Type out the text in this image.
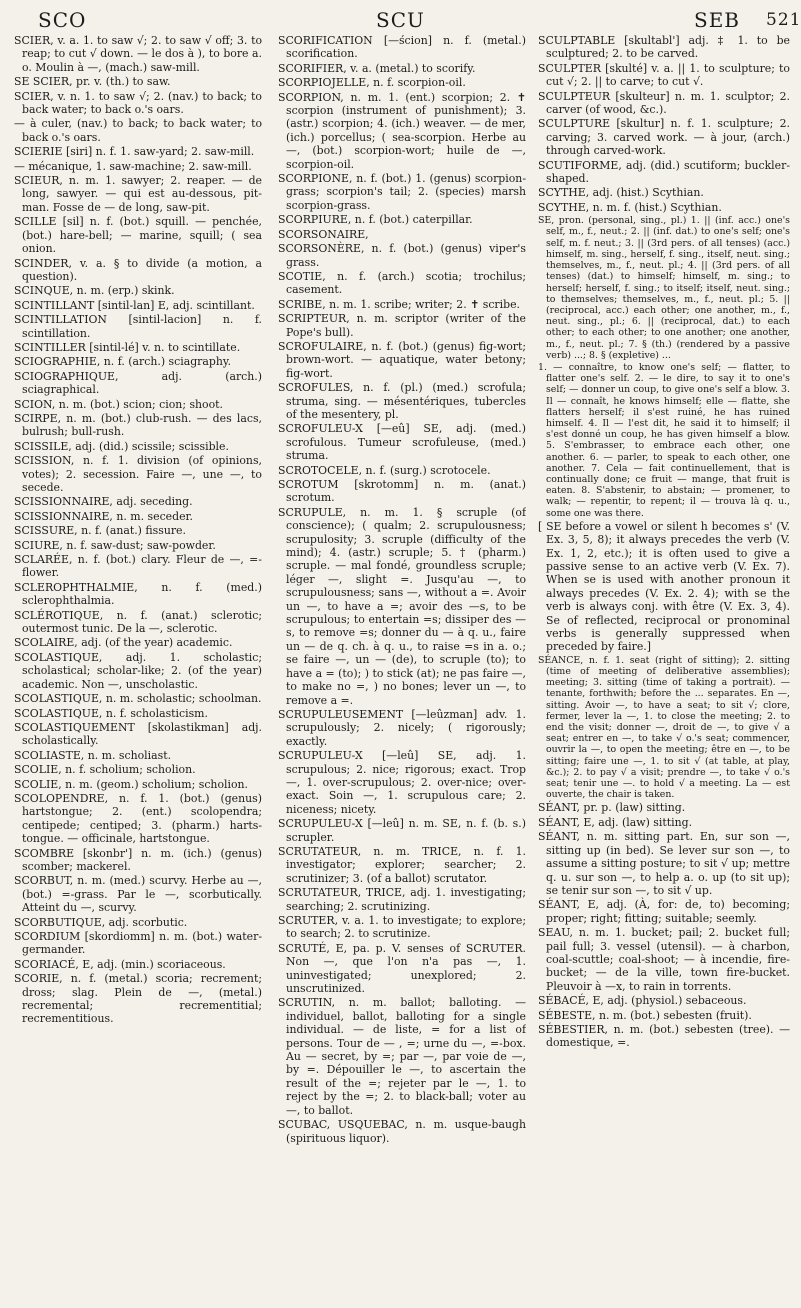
SCO	SCU	SEB 521

SCIER, v. a. 1. to saw √; 2. to saw √ off; 3. to reap; to cut √ down. — le dos à ), to bore a. o. Moulin à —, (mach.) saw-mill.

SE SCIER, pr. v. (th.) to saw.

SCIER, v. n. 1. to saw √; 2. (nav.) to back; to back water; to back o.'s oars.

— à culer, (nav.) to back; to back water; to back o.'s oars.

SCIERIE [siri] n. f. 1. saw-yard; 2. saw-mill.

— mécanique, 1. saw-machine; 2. saw-mill.

SCIEUR, n. m. 1. sawyer; 2. reaper. — de long, sawyer. — qui est au-dessous, pit-man. Fosse de — de long, saw-pit.

SCILLE [sil] n. f. (bot.) squill. — penchée, (bot.) hare-bell; — marine, squill; ( sea onion.

SCINDER, v. a. § to divide (a motion, a question).

SCINQUE, n. m. (erp.) skink.

SCINTILLANT [sintil-lan] E, adj. scintillant.

SCINTILLATION [sintil-lacion] n. f. scintillation.

SCINTILLER [sintil-lé] v. n. to scintillate.

SCIOGRAPHIE, n. f. (arch.) sciagraphy.

SCIOGRAPHIQUE, adj. (arch.) sciagraphical.

SCION, n. m. (bot.) scion; cion; shoot.

SCIRPE, n. m. (bot.) club-rush. — des lacs, bulrush; bull-rush.

SCISSILE, adj. (did.) scissile; scissible.

SCISSION, n. f. 1. division (of opinions, votes); 2. secession. Faire —, une —, to secede.

SCISSIONNAIRE, adj. seceding.

SCISSIONNAIRE, n. m. seceder.

SCISSURE, n. f. (anat.) fissure.

SCIURE, n. f. saw-dust; saw-powder.

SCLARÉE, n. f. (bot.) clary. Fleur de —, =-flower.

SCLEROPHTHALMIE, n. f. (med.) sclerophthalmia.

SCLÉROTIQUE, n. f. (anat.) sclerotic; outermost tunic. De la —, sclerotic.

SCOLAIRE, adj. (of the year) academic.

SCOLASTIQUE, adj. 1. scholastic; scholastical; scholar-like; 2. (of the year) academic. Non —, unscholastic.

SCOLASTIQUE, n. m. scholastic; schoolman.

SCOLASTIQUE, n. f. scholasticism.

SCOLASTIQUEMENT [skolastikman] adj. scholastically.

SCOLIASTE, n. m. scholiast.

SCOLIE, n. f. scholium; scholion.

SCOLIE, n. m. (geom.) scholium; scholion.

SCOLOPENDRE, n. f. 1. (bot.) (genus) hartstongue; 2. (ent.) scolopendra; centipede; centiped; 3. (pharm.) harts-tongue. — officinale, hartstongue.

SCOMBRE [skonbr'] n. m. (ich.) (genus) scomber; mackerel.

SCORBUT, n. m. (med.) scurvy. Herbe au —, (bot.) =-grass. Par le —, scorbutically. Atteint du —, scurvy.

SCORBUTIQUE, adj. scorbutic.

SCORDIUM [skordiomm] n. m. (bot.) water-germander.

SCORIACÉ, E, adj. (min.) scoriaceous.

SCORIE, n. f. (metal.) scoria; recrement; dross; slag. Plein de —, (metal.) recremental; recrementitial; recrementitious.

SCORIFICATION [—ścion] n. f. (metal.) scorification.

SCORIFIER, v. a. (metal.) to scorify.

SCORPIOJELLE, n. f. scorpion-oil.

SCORPION, n. m. 1. (ent.) scorpion; 2. ✝ scorpion (instrument of punishment); 3. (astr.) scorpion; 4. (ich.) weaver. — de mer, (ich.) porcellus; ( sea-scorpion. Herbe au —, (bot.) scorpion-wort; huile de —, scorpion-oil.

SCORPIONE, n. f. (bot.) 1. (genus) scorpion-grass; scorpion's tail; 2. (species) marsh scorpion-grass.

SCORPIURE, n. f. (bot.) caterpillar.

SCORSONAIRE,

SCORSONÈRE, n. f. (bot.) (genus) viper's grass.

SCOTIE, n. f. (arch.) scotia; trochilus; casement.

SCRIBE, n. m. 1. scribe; writer; 2. ✝ scribe.

SCRIPTEUR, n. m. scriptor (writer of the Pope's bull).

SCROFULAIRE, n. f. (bot.) (genus) fig-wort; brown-wort. — aquatique, water betony; fig-wort.

SCROFULES, n. f. (pl.) (med.) scrofula; struma, sing. — mésentériques, tubercles of the mesentery, pl.

SCROFULEU-X [—eû] SE, adj. (med.) scrofulous. Tumeur scrofuleuse, (med.) struma.

SCROTOCELE, n. f. (surg.) scrotocele.

SCROTUM [skrotomm] n. m. (anat.) scrotum.

SCRUPULE, n. m. 1. § scruple (of conscience); ( qualm; 2. scrupulousness; scrupulosity; 3. scruple (difficulty of the mind); 4. (astr.) scruple; 5. † (pharm.) scruple. — mal fondé, groundless scruple; léger —, slight =. Jusqu'au —, to scrupulousness; sans —, without a =. Avoir un —, to have a =; avoir des —s, to be scrupulous; to entertain =s; dissiper des —s, to remove =s; donner du — à q. u., faire un — de q. ch. à q. u., to raise =s in a. o.; se faire —, un — (de), to scruple (to); to have a = (to); ) to stick (at); ne pas faire —, to make no =, ) no bones; lever un —, to remove a =.

SCRUPULEUSEMENT [—leûzman] adv. 1. scrupulously; 2. nicely; ( rigorously; exactly.

SCRUPULEU-X [—leû] SE, adj. 1. scrupulous; 2. nice; rigorous; exact. Trop —, 1. over-scrupulous; 2. over-nice; over-exact. Soin —, 1. scrupulous care; 2. niceness; nicety.

SCRUPULEU-X [—leû] n. m. SE, n. f. (b. s.) scrupler.

SCRUTATEUR, n. m. TRICE, n. f. 1. investigator; explorer; searcher; 2. scrutinizer; 3. (of a ballot) scrutator.

SCRUTATEUR, TRICE, adj. 1. investigating; searching; 2. scrutinizing.

SCRUTER, v. a. 1. to investigate; to explore; to search; 2. to scrutinize.

SCRUTÉ, E, pa. p. V. senses of SCRUTER. Non —, que l'on n'a pas —, 1. uninvestigated; unexplored; 2. unscrutinized.

SCRUTIN, n. m. ballot; balloting. — individuel, ballot, balloting for a single individual. — de liste, = for a list of persons. Tour de — , =; urne du —, =-box. Au — secret, by =; par —, par voie de —, by =. Dépouiller le —, to ascertain the result of the =; rejeter par le —, 1. to reject by the =; 2. to black-ball; voter au —, to ballot.

SCUBAC, USQUEBAC, n. m. usque-baugh (spirituous liquor).

SCULPTABLE [skultabl'] adj. ‡ 1. to be sculptured; 2. to be carved.

SCULPTER [skulté] v. a. || 1. to sculpture; to cut √; 2. || to carve; to cut √.

SCULPTEUR [skulteur] n. m. 1. sculptor; 2. carver (of wood, &c.).

SCULPTURE [skultur] n. f. 1. sculpture; 2. carving; 3. carved work. — à jour, (arch.) through carved-work.

SCUTIFORME, adj. (did.) scutiform; buckler-shaped.

SCYTHE, adj. (hist.) Scythian.

SCYTHE, n. m. f. (hist.) Scythian.

SE, pron. (personal, sing., pl.) 1. || (inf. acc.) one's self, m., f., neut.; 2. || (inf. dat.) to one's self; one's self, m. f. neut.; 3. || (3rd pers. of all tenses) (acc.) himself, m. sing., herself, f. sing., itself, neut. sing.; themselves, m., f., neut. pl.; 4. || (3rd pers. of all tenses) (dat.) to himself; himself, m. sing.; to herself; herself, f. sing.; to itself; itself, neut. sing.; to themselves; themselves, m., f., neut. pl.; 5. || (reciprocal, acc.) each other; one another, m., f., neut. sing., pl.; 6. || (reciprocal, dat.) to each other; to each other; to one another; one another, m., f., neut. pl.; 7. § (th.) (rendered by a passive verb) ...; 8. § (expletive) ...

1. — connaître, to know one's self; — flatter, to flatter one's self. 2. — le dire, to say it to one's self; — donner un coup, to give one's self a blow. 3. Il — connaît, he knows himself; elle — flatte, she flatters herself; il s'est ruiné, he has ruined himself. 4. Il — l'est dit, he said it to himself; il s'est donné un coup, he has given himself a blow. 5. S'embrasser, to embrace each other, one another. 6. — parler, to speak to each other, one another. 7. Cela — fait continuellement, that is continually done; ce fruit — mange, that fruit is eaten. 8. S'abstenir, to abstain; — promener, to walk; — repentir, to repent; il — trouva là q. u., some one was there.

[ SE before a vowel or silent h becomes s' (V. Ex. 3, 5, 8); it always precedes the verb (V. Ex. 1, 2, etc.); it is often used to give a passive sense to an active verb (V. Ex. 7). When se is used with another pronoun it always precedes (V. Ex. 2. 4); with se the verb is always conj. with être (V. Ex. 3, 4). Se of reflected, reciprocal or pronominal verbs is generally suppressed when preceded by faire.]

SÉANCE, n. f. 1. seat (right of sitting); 2. sitting (time of meeting of deliberative assemblies); meeting; 3. sitting (time of taking a portrait). — tenante, forthwith; before the ... separates. En —, sitting. Avoir —, to have a seat; to sit √; clore, fermer, lever la —, 1. to close the meeting; 2. to end the visit; donner —, droit de —, to give √ a seat; entrer en —, to take √ o.'s seat; commencer, ouvrir la —, to open the meeting; être en —, to be sitting; faire une —, 1. to sit √ (at table, at play, &c.); 2. to pay √ a visit; prendre —, to take √ o.'s seat; tenir une —. to hold √ a meeting. La — est ouverte, the chair is taken.

SÉANT, pr. p. (law) sitting.

SÉANT, E, adj. (law) sitting.

SÉANT, n. m. sitting part. En, sur son —, sitting up (in bed). Se lever sur son —, to assume a sitting posture; to sit √ up; mettre q. u. sur son —, to help a. o. up (to sit up); se tenir sur son —, to sit √ up.

SÉANT, E, adj. (À, for: de, to) becoming; proper; right; fitting; suitable; seemly.

SEAU, n. m. 1. bucket; pail; 2. bucket full; pail full; 3. vessel (utensil). — à charbon, coal-scuttle; coal-shoot; — à incendie, fire-bucket; — de la ville, town fire-bucket. Pleuvoir à —x, to rain in torrents.

SÉBACÉ, E, adj. (physiol.) sebaceous.

SÉBESTE, n. m. (bot.) sebesten (fruit).

SÉBESTIER, n. m. (bot.) sebesten (tree). — domestique, =.
